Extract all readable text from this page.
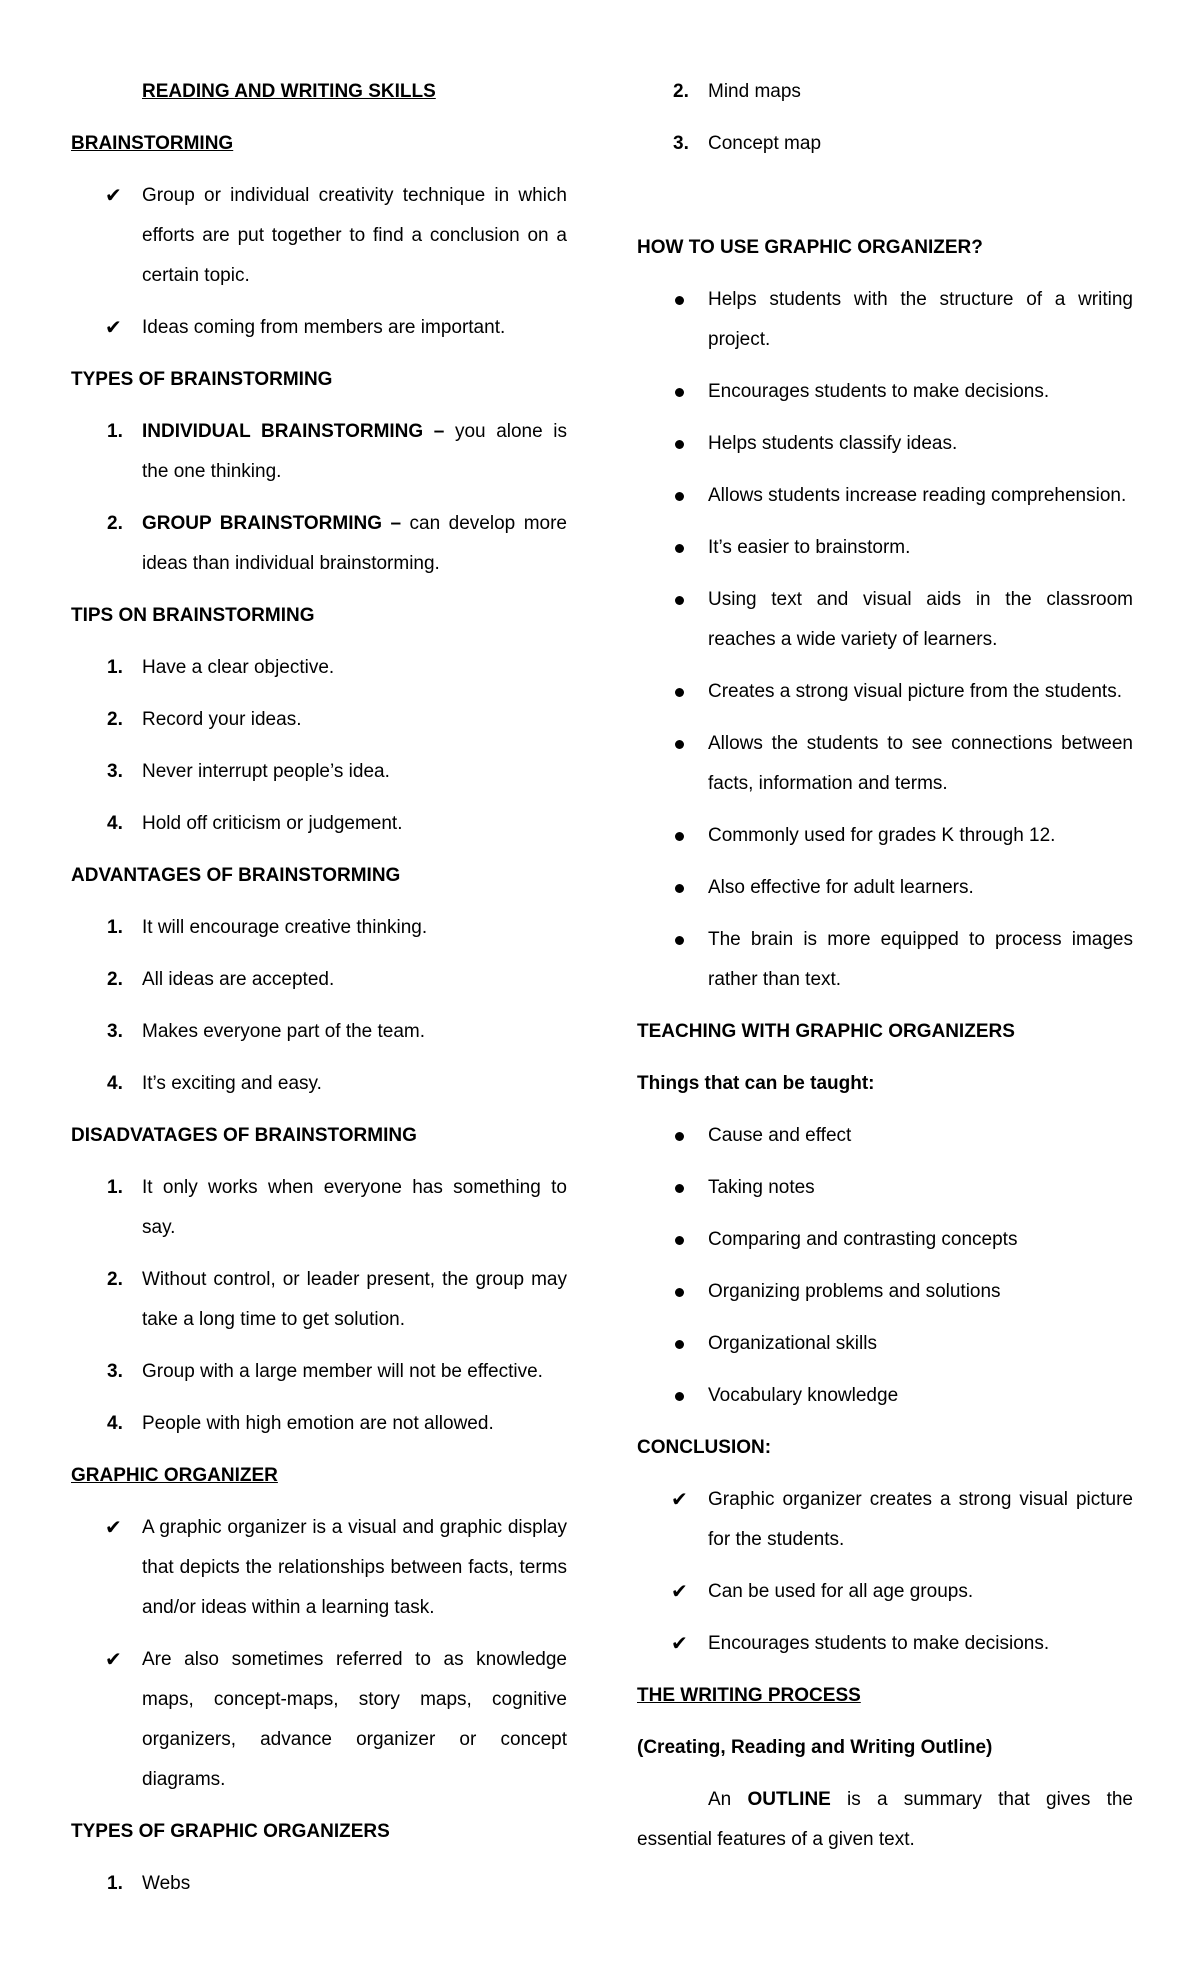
READING AND WRITING SKILLS
BRAINSTORMING
✔ Group or individual creativity technique in which efforts are put together to find a conclusion on a certain topic.
✔ Ideas coming from members are important.
TYPES OF BRAINSTORMING
1. INDIVIDUAL BRAINSTORMING – you alone is the one thinking.
2. GROUP BRAINSTORMING – can develop more ideas than individual brainstorming.
TIPS ON BRAINSTORMING
1. Have a clear objective.
2. Record your ideas.
3. Never interrupt people’s idea.
4. Hold off criticism or judgement.
ADVANTAGES OF BRAINSTORMING
1. It will encourage creative thinking.
2. All ideas are accepted.
3. Makes everyone part of the team.
4. It’s exciting and easy.
DISADVATAGES OF BRAINSTORMING
1. It only works when everyone has something to say.
2. Without control, or leader present, the group may take a long time to get solution.
3. Group with a large member will not be effective.
4. People with high emotion are not allowed.
GRAPHIC ORGANIZER
✔ A graphic organizer is a visual and graphic display that depicts the relationships between facts, terms and/or ideas within a learning task.
✔ Are also sometimes referred to as knowledge maps, concept-maps, story maps, cognitive organizers, advance organizer or concept diagrams.
TYPES OF GRAPHIC ORGANIZERS
1. Webs
2. Mind maps
3. Concept map
HOW TO USE GRAPHIC ORGANIZER?
Helps students with the structure of a writing project.
Encourages students to make decisions.
Helps students classify ideas.
Allows students increase reading comprehension.
It’s easier to brainstorm.
Using text and visual aids in the classroom reaches a wide variety of learners.
Creates a strong visual picture from the students.
Allows the students to see connections between facts, information and terms.
Commonly used for grades K through 12.
Also effective for adult learners.
The brain is more equipped to process images rather than text.
TEACHING WITH GRAPHIC ORGANIZERS
Things that can be taught:
Cause and effect
Taking notes
Comparing and contrasting concepts
Organizing problems and solutions
Organizational skills
Vocabulary knowledge
CONCLUSION:
✔ Graphic organizer creates a strong visual picture for the students.
✔ Can be used for all age groups.
✔ Encourages students to make decisions.
THE WRITING PROCESS
(Creating, Reading and Writing Outline)
An OUTLINE is a summary that gives the essential features of a given text.
